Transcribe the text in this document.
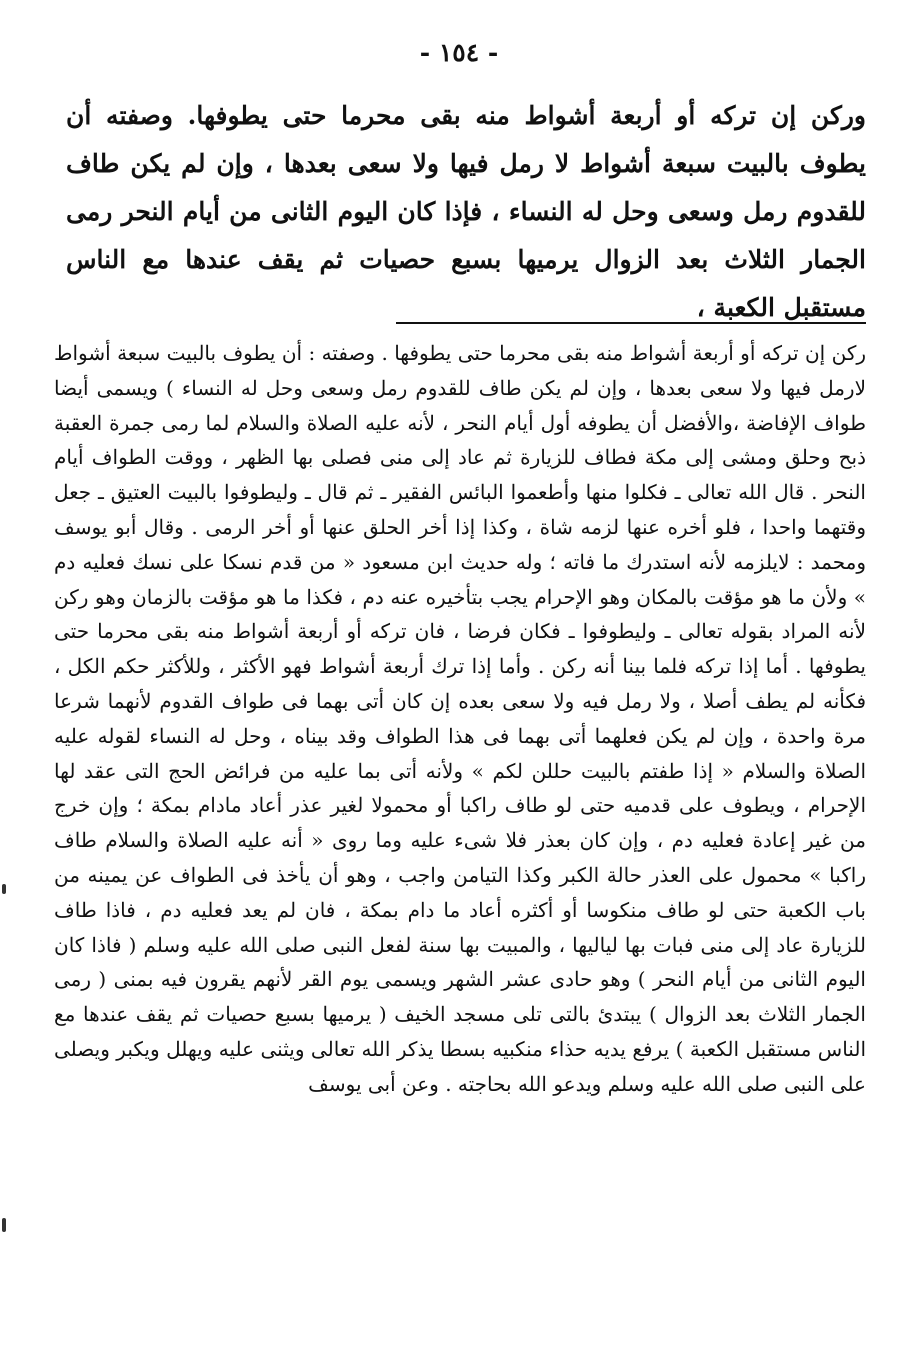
- ١٥٤ -

وركن إن تركه أو أربعة أشواط منه بقى محرما حتى يطوفها. وصفته أن يطوف بالبيت سبعة أشواط لا رمل فيها ولا سعى بعدها ، وإن لم يكن طاف للقدوم رمل وسعى وحل له النساء ، فإذا كان اليوم الثانى من أيام النحر رمى الجمار الثلاث بعد الزوال يرميها بسبع حصيات ثم يقف عندها مع الناس مستقبل الكعبة ،

ركن إن تركه أو أربعة أشواط منه بقى محرما حتى يطوفها . وصفته : أن يطوف بالبيت سبعة أشواط لارمل فيها ولا سعى بعدها ، وإن لم يكن طاف للقدوم رمل وسعى وحل له النساء ) ويسمى أيضا طواف الإفاضة ،والأفضل أن يطوفه أول أيام النحر ، لأنه عليه الصلاة والسلام لما رمى جمرة العقبة ذبح وحلق ومشى إلى مكة فطاف للزيارة ثم عاد إلى منى فصلى بها الظهر ، ووقت الطواف أيام النحر . قال الله تعالى ـ فكلوا منها وأطعموا البائس الفقير ـ ثم قال ـ وليطوفوا بالبيت العتيق ـ جعل وقتهما واحدا ، فلو أخره عنها لزمه شاة ، وكذا إذا أخر الحلق عنها أو أخر الرمى . وقال أبو يوسف ومحمد : لايلزمه لأنه استدرك ما فاته ؛ وله حديث ابن مسعود « من قدم نسكا على نسك فعليه دم » ولأن ما هو مؤقت بالمكان وهو الإحرام يجب بتأخيره عنه دم ، فكذا ما هو مؤقت بالزمان وهو ركن لأنه المراد بقوله تعالى ـ وليطوفوا ـ فكان فرضا ، فان تركه أو أربعة أشواط منه بقى محرما حتى يطوفها . أما إذا تركه فلما بينا أنه ركن . وأما إذا ترك أربعة أشواط فهو الأكثر ، وللأكثر حكم الكل ، فكأنه لم يطف أصلا ، ولا رمل فيه ولا سعى بعده إن كان أتى بهما فى طواف القدوم لأنهما شرعا مرة واحدة ، وإن لم يكن فعلهما أتى بهما فى هذا الطواف وقد بيناه ، وحل له النساء لقوله عليه الصلاة والسلام « إذا طفتم بالبيت حللن لكم » ولأنه أتى بما عليه من فرائض الحج التى عقد لها الإحرام ، ويطوف على قدميه حتى لو طاف راكبا أو محمولا لغير عذر أعاد مادام بمكة ؛ وإن خرج من غير إعادة فعليه دم ، وإن كان بعذر فلا شىء عليه وما روى « أنه عليه الصلاة والسلام طاف راكبا » محمول على العذر حالة الكبر وكذا التيامن واجب ، وهو أن يأخذ فى الطواف عن يمينه من باب الكعبة حتى لو طاف منكوسا أو أكثره أعاد ما دام بمكة ، فان لم يعد فعليه دم ، فاذا طاف للزيارة عاد إلى منى فبات بها لياليها ، والمبيت بها سنة لفعل النبى صلى الله عليه وسلم ( فاذا كان اليوم الثانى من أيام النحر ) وهو حادى عشر الشهر ويسمى يوم القر لأنهم يقرون فيه بمنى ( رمى الجمار الثلاث بعد الزوال ) يبتدئ بالتى تلى مسجد الخيف ( يرميها بسبع حصيات ثم يقف عندها مع الناس مستقبل الكعبة ) يرفع يديه حذاء منكبيه بسطا يذكر الله تعالى ويثنى عليه ويهلل ويكبر ويصلى على النبى صلى الله عليه وسلم ويدعو الله بحاجته . وعن أبى يوسف
